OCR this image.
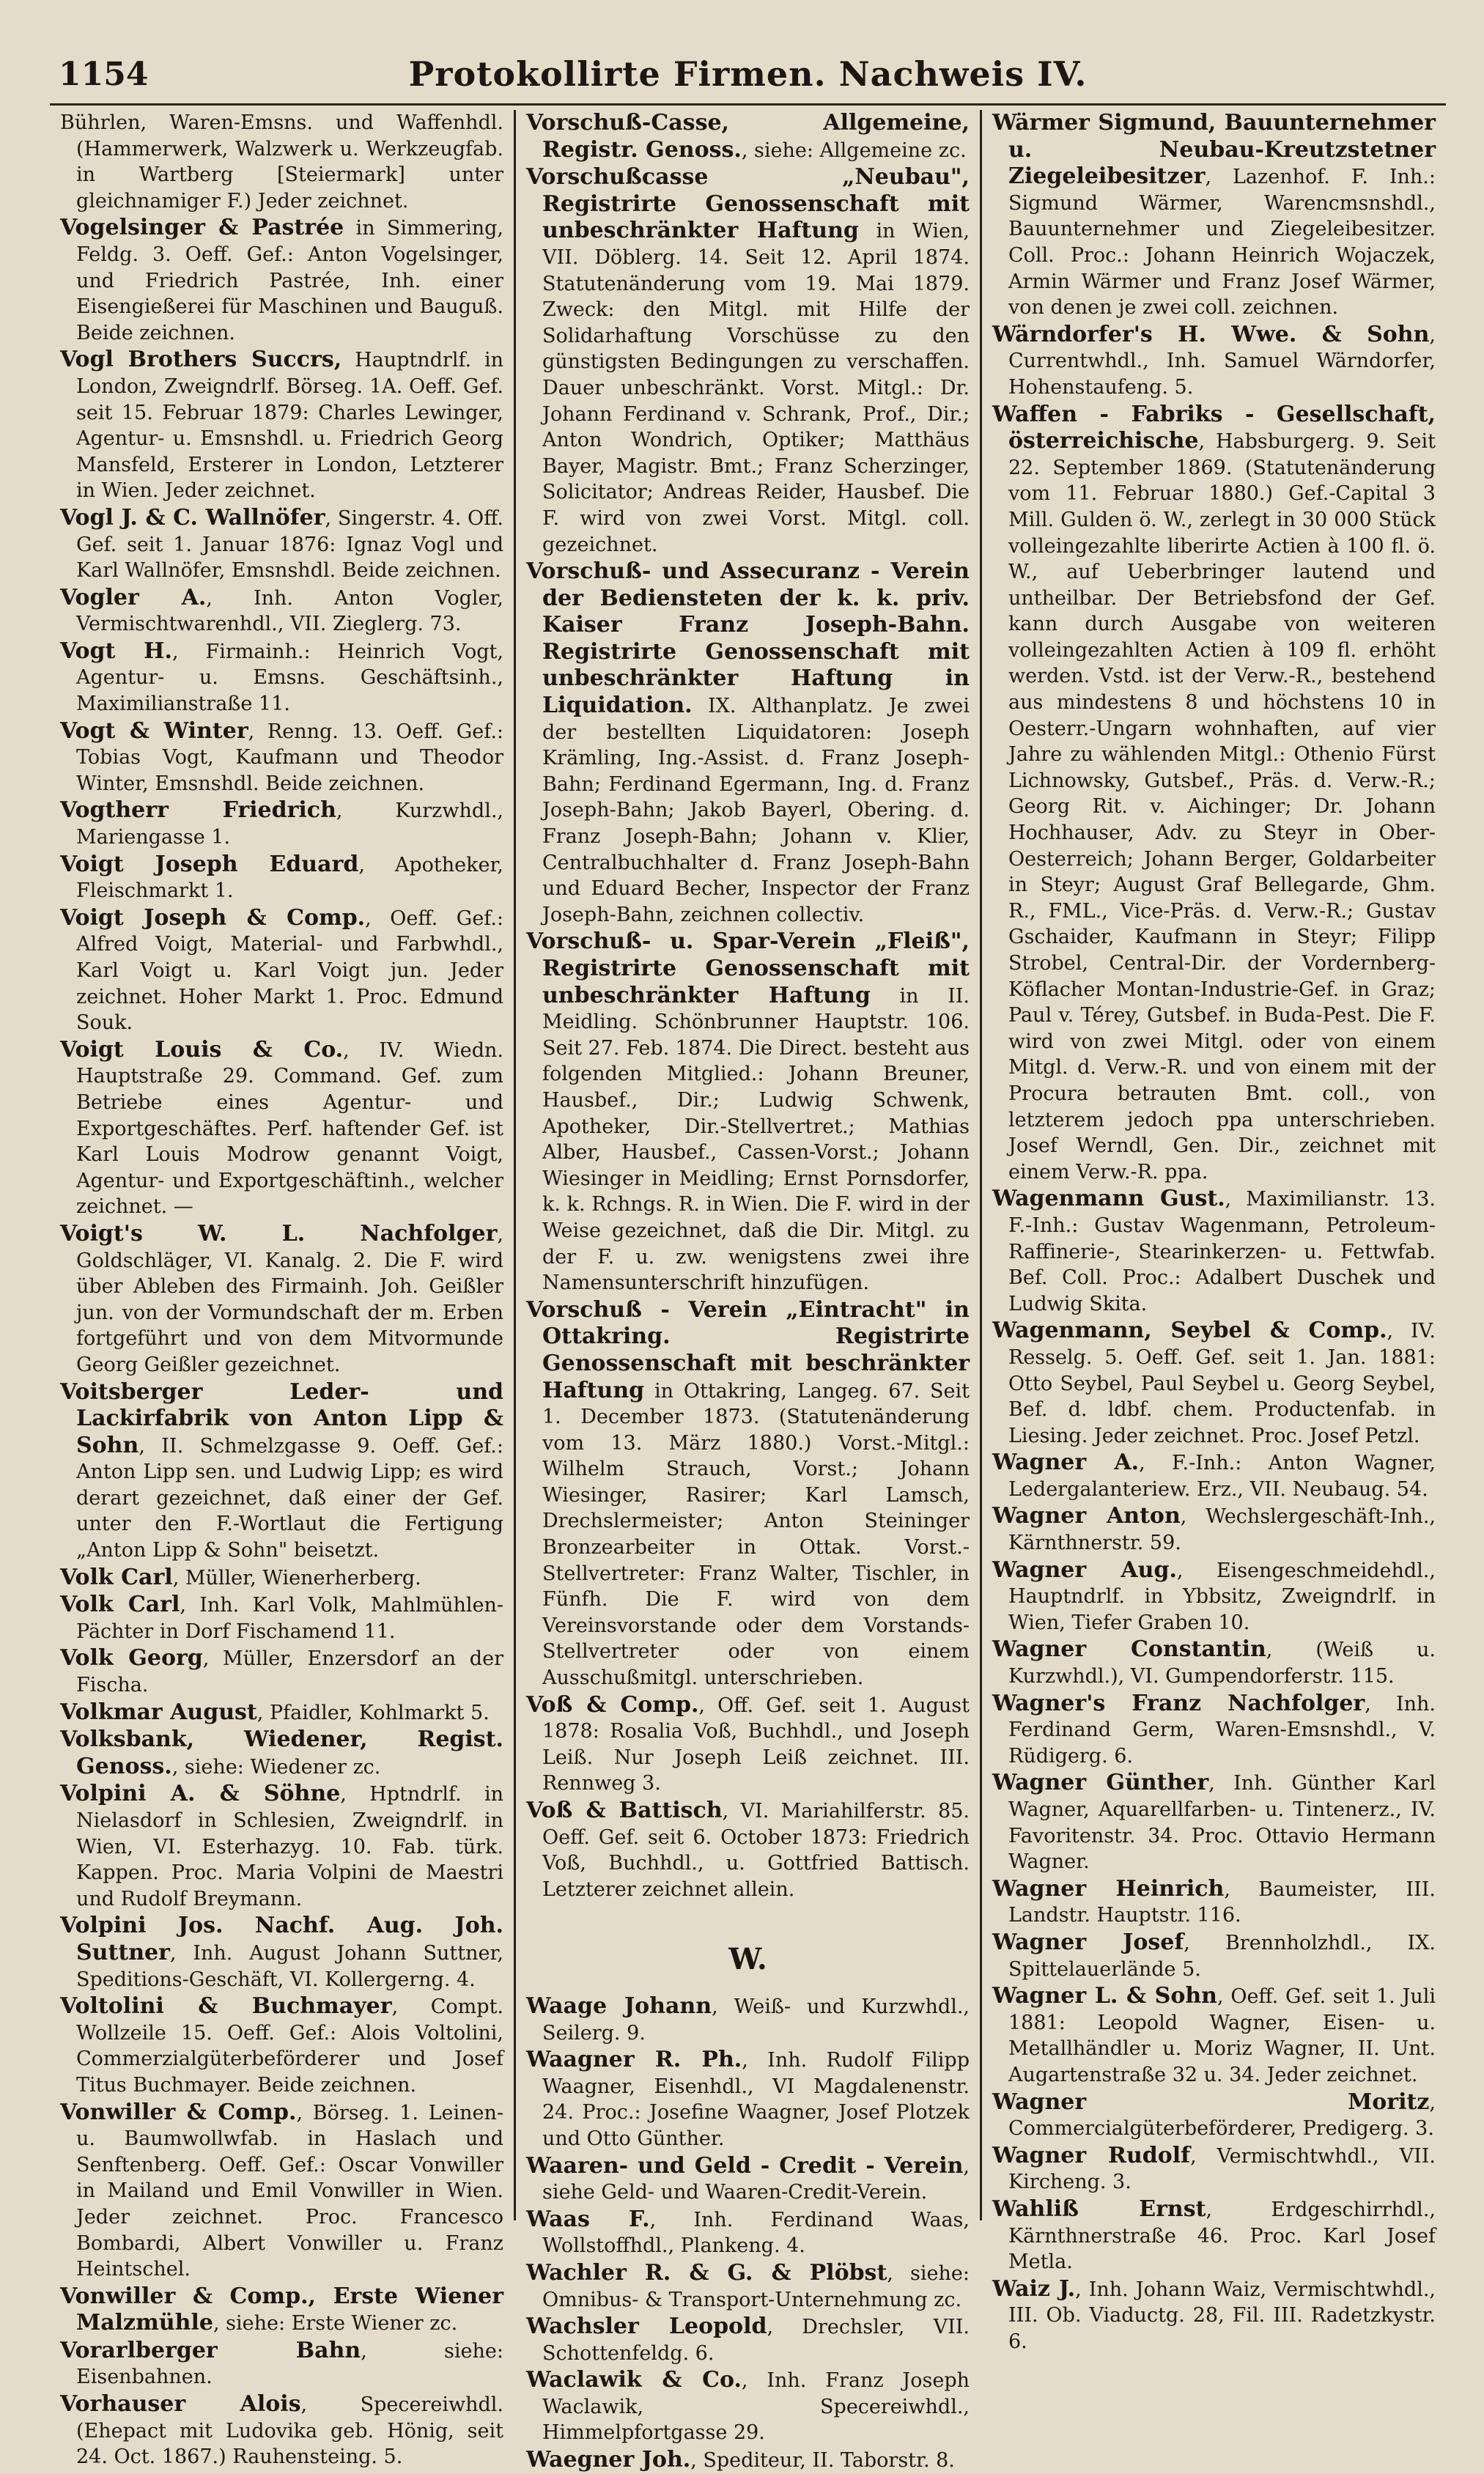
1154	Protokollirte Firmen. Nachweis IV.

Bührlen, Waren-Emsns. und Waffenhdl. (Hammerwerk, Walzwerk u. Werkzeugfab. in Wartberg [Steiermark] unter gleichnamiger F.) Jeder zeichnet.

Vogelsinger & Pastrée in Simmering, Feldg. 3. Oeff. Gef.: Anton Vogelsinger, und Friedrich Pastrée, Inh. einer Eisengießerei für Maschinen und Bauguß. Beide zeichnen.

Vogl Brothers Succrs, Hauptndrlf. in London, Zweigndrlf. Börseg. 1A. Oeff. Gef. seit 15. Februar 1879: Charles Lewinger, Agentur- u. Emsnshdl. u. Friedrich Georg Mansfeld, Ersterer in London, Letzterer in Wien. Jeder zeichnet.

Vogl J. & C. Wallnöfer, Singerstr. 4. Off. Gef. seit 1. Januar 1876: Ignaz Vogl und Karl Wallnöfer, Emsnshdl. Beide zeichnen.

Vogler A., Inh. Anton Vogler, Vermischtwarenhdl., VII. Zieglerg. 73.

Vogt H., Firmainh.: Heinrich Vogt, Agentur- u. Emsns. Geschäftsinh., Maximilianstraße 11.

Vogt & Winter, Renng. 13. Oeff. Gef.: Tobias Vogt, Kaufmann und Theodor Winter, Emsnshdl. Beide zeichnen.

Vogtherr Friedrich, Kurzwhdl., Mariengasse 1.

Voigt Joseph Eduard, Apotheker, Fleischmarkt 1.

Voigt Joseph & Comp., Oeff. Gef.: Alfred Voigt, Material- und Farbwhdl., Karl Voigt u. Karl Voigt jun. Jeder zeichnet. Hoher Markt 1. Proc. Edmund Souk.

Voigt Louis & Co., IV. Wiedn. Hauptstraße 29. Command. Gef. zum Betriebe eines Agentur- und Exportgeschäftes. Perf. haftender Gef. ist Karl Louis Modrow genannt Voigt, Agentur- und Exportgeschäftinh., welcher zeichnet. —

Voigt's W. L. Nachfolger, Goldschläger, VI. Kanalg. 2. Die F. wird über Ableben des Firmainh. Joh. Geißler jun. von der Vormundschaft der m. Erben fortgeführt und von dem Mitvormunde Georg Geißler gezeichnet.

Voitsberger Leder- und Lackirfabrik von Anton Lipp & Sohn, II. Schmelzgasse 9. Oeff. Gef.: Anton Lipp sen. und Ludwig Lipp; es wird derart gezeichnet, daß einer der Gef. unter den F.-Wortlaut die Fertigung „Anton Lipp & Sohn" beisetzt.

Volk Carl, Müller, Wienerherberg.

Volk Carl, Inh. Karl Volk, Mahlmühlen-Pächter in Dorf Fischamend 11.

Volk Georg, Müller, Enzersdorf an der Fischa.

Volkmar August, Pfaidler, Kohlmarkt 5.

Volksbank, Wiedener, Regist. Genoss., siehe: Wiedener zc.

Volpini A. & Söhne, Hptndrlf. in Nielasdorf in Schlesien, Zweigndrlf. in Wien, VI. Esterhazyg. 10. Fab. türk. Kappen. Proc. Maria Volpini de Maestri und Rudolf Breymann.

Volpini Jos. Nachf. Aug. Joh. Suttner, Inh. August Johann Suttner, Speditions-Geschäft, VI. Kollergerng. 4.

Voltolini & Buchmayer, Compt. Wollzeile 15. Oeff. Gef.: Alois Voltolini, Commerzialgüterbeförderer und Josef Titus Buchmayer. Beide zeichnen.

Vonwiller & Comp., Börseg. 1. Leinen- u. Baumwollwfab. in Haslach und Senftenberg. Oeff. Gef.: Oscar Vonwiller in Mailand und Emil Vonwiller in Wien. Jeder zeichnet. Proc. Francesco Bombardi, Albert Vonwiller u. Franz Heintschel.

Vonwiller & Comp., Erste Wiener Malzmühle, siehe: Erste Wiener zc.

Vorarlberger Bahn, siehe: Eisenbahnen.

Vorhauser Alois, Specereiwhdl. (Ehepact mit Ludovika geb. Hönig, seit 24. Oct. 1867.) Rauhensteing. 5.

Vorschuß-Casse, Allgemeine, Registr. Genoss., siehe: Allgemeine zc.

Vorschußcasse „Neubau", Registrirte Genossenschaft mit unbeschränkter Haftung in Wien, VII. Döblerg. 14. Seit 12. April 1874. Statutenänderung vom 19. Mai 1879. Zweck: den Mitgl. mit Hilfe der Solidarhaftung Vorschüsse zu den günstigsten Bedingungen zu verschaffen. Dauer unbeschränkt. Vorst. Mitgl.: Dr. Johann Ferdinand v. Schrank, Prof., Dir.; Anton Wondrich, Optiker; Matthäus Bayer, Magistr. Bmt.; Franz Scherzinger, Solicitator; Andreas Reider, Hausbef. Die F. wird von zwei Vorst. Mitgl. coll. gezeichnet.

Vorschuß- und Assecuranz - Verein der Bediensteten der k. k. priv. Kaiser Franz Joseph-Bahn. Registrirte Genossenschaft mit unbeschränkter Haftung in Liquidation. IX. Althanplatz. Je zwei der bestellten Liquidatoren: Joseph Krämling, Ing.-Assist. d. Franz Joseph-Bahn; Ferdinand Egermann, Ing. d. Franz Joseph-Bahn; Jakob Bayerl, Obering. d. Franz Joseph-Bahn; Johann v. Klier, Centralbuchhalter d. Franz Joseph-Bahn und Eduard Becher, Inspector der Franz Joseph-Bahn, zeichnen collectiv.

Vorschuß- u. Spar-Verein „Fleiß", Registrirte Genossenschaft mit unbeschränkter Haftung in II. Meidling. Schönbrunner Hauptstr. 106. Seit 27. Feb. 1874. Die Direct. besteht aus folgenden Mitglied.: Johann Breuner, Hausbef., Dir.; Ludwig Schwenk, Apotheker, Dir.-Stellvertret.; Mathias Alber, Hausbef., Cassen-Vorst.; Johann Wiesinger in Meidling; Ernst Pornsdorfer, k. k. Rchngs. R. in Wien. Die F. wird in der Weise gezeichnet, daß die Dir. Mitgl. zu der F. u. zw. wenigstens zwei ihre Namensunterschrift hinzufügen.

Vorschuß - Verein „Eintracht" in Ottakring. Registrirte Genossenschaft mit beschränkter Haftung in Ottakring, Langeg. 67. Seit 1. December 1873. (Statutenänderung vom 13. März 1880.) Vorst.-Mitgl.: Wilhelm Strauch, Vorst.; Johann Wiesinger, Rasirer; Karl Lamsch, Drechslermeister; Anton Steininger Bronzearbeiter in Ottak. Vorst.-Stellvertreter: Franz Walter, Tischler, in Fünfh. Die F. wird von dem Vereinsvorstande oder dem Vorstands-Stellvertreter oder von einem Ausschußmitgl. unterschrieben.

Voß & Comp., Off. Gef. seit 1. August 1878: Rosalia Voß, Buchhdl., und Joseph Leiß. Nur Joseph Leiß zeichnet. III. Rennweg 3.

Voß & Battisch, VI. Mariahilferstr. 85. Oeff. Gef. seit 6. October 1873: Friedrich Voß, Buchhdl., u. Gottfried Battisch. Letzterer zeichnet allein.

W.

Waage Johann, Weiß- und Kurzwhdl., Seilerg. 9.

Waagner R. Ph., Inh. Rudolf Filipp Waagner, Eisenhdl., VI Magdalenenstr. 24. Proc.: Josefine Waagner, Josef Plotzek und Otto Günther.

Waaren- und Geld - Credit - Verein, siehe Geld- und Waaren-Credit-Verein.

Waas F., Inh. Ferdinand Waas, Wollstoffhdl., Plankeng. 4.

Wachler R. & G. & Plöbst, siehe: Omnibus- & Transport-Unternehmung zc.

Wachsler Leopold, Drechsler, VII. Schottenfeldg. 6.

Waclawik & Co., Inh. Franz Joseph Waclawik, Specereiwhdl., Himmelpfortgasse 29.

Waegner Joh., Spediteur, II. Taborstr. 8.

Wärmer Sigmund, Bauunternehmer u. Neubau-Kreutzstetner Ziegeleibesitzer, Lazenhof. F. Inh.: Sigmund Wärmer, Warencmsnshdl., Bauunternehmer und Ziegeleibesitzer. Coll. Proc.: Johann Heinrich Wojaczek, Armin Wärmer und Franz Josef Wärmer, von denen je zwei coll. zeichnen.

Wärndorfer's H. Wwe. & Sohn, Currentwhdl., Inh. Samuel Wärndorfer, Hohenstaufeng. 5.

Waffen - Fabriks - Gesellschaft, österreichische, Habsburgerg. 9. Seit 22. September 1869. (Statutenänderung vom 11. Februar 1880.) Gef.-Capital 3 Mill. Gulden ö. W., zerlegt in 30 000 Stück volleingezahlte liberirte Actien à 100 fl. ö. W., auf Ueberbringer lautend und untheilbar. Der Betriebsfond der Gef. kann durch Ausgabe von weiteren volleingezahlten Actien à 109 fl. erhöht werden. Vstd. ist der Verw.-R., bestehend aus mindestens 8 und höchstens 10 in Oesterr.-Ungarn wohnhaften, auf vier Jahre zu wählenden Mitgl.: Othenio Fürst Lichnowsky, Gutsbef., Präs. d. Verw.-R.; Georg Rit. v. Aichinger; Dr. Johann Hochhauser, Adv. zu Steyr in Ober-Oesterreich; Johann Berger, Goldarbeiter in Steyr; August Graf Bellegarde, Ghm. R., FML., Vice-Präs. d. Verw.-R.; Gustav Gschaider, Kaufmann in Steyr; Filipp Strobel, Central-Dir. der Vordernberg-Köflacher Montan-Industrie-Gef. in Graz; Paul v. Térey, Gutsbef. in Buda-Pest. Die F. wird von zwei Mitgl. oder von einem Mitgl. d. Verw.-R. und von einem mit der Procura betrauten Bmt. coll., von letzterem jedoch ppa unterschrieben. Josef Werndl, Gen. Dir., zeichnet mit einem Verw.-R. ppa.

Wagenmann Gust., Maximilianstr. 13. F.-Inh.: Gustav Wagenmann, Petroleum-Raffinerie-, Stearinkerzen- u. Fettwfab. Bef. Coll. Proc.: Adalbert Duschek und Ludwig Skita.

Wagenmann, Seybel & Comp., IV. Resselg. 5. Oeff. Gef. seit 1. Jan. 1881: Otto Seybel, Paul Seybel u. Georg Seybel, Bef. d. ldbf. chem. Productenfab. in Liesing. Jeder zeichnet. Proc. Josef Petzl.

Wagner A., F.-Inh.: Anton Wagner, Ledergalanteriew. Erz., VII. Neubaug. 54.

Wagner Anton, Wechslergeschäft-Inh., Kärnthnerstr. 59.

Wagner Aug., Eisengeschmeidehdl., Hauptndrlf. in Ybbsitz, Zweigndrlf. in Wien, Tiefer Graben 10.

Wagner Constantin, (Weiß u. Kurzwhdl.), VI. Gumpendorferstr. 115.

Wagner's Franz Nachfolger, Inh. Ferdinand Germ, Waren-Emsnshdl., V. Rüdigerg. 6.

Wagner Günther, Inh. Günther Karl Wagner, Aquarellfarben- u. Tintenerz., IV. Favoritenstr. 34. Proc. Ottavio Hermann Wagner.

Wagner Heinrich, Baumeister, III. Landstr. Hauptstr. 116.

Wagner Josef, Brennholzhdl., IX. Spittelauerlände 5.

Wagner L. & Sohn, Oeff. Gef. seit 1. Juli 1881: Leopold Wagner, Eisen- u. Metallhändler u. Moriz Wagner, II. Unt. Augartenstraße 32 u. 34. Jeder zeichnet.

Wagner Moritz, Commercialgüterbeförderer, Predigerg. 3.

Wagner Rudolf, Vermischtwhdl., VII. Kircheng. 3.

Wahliß Ernst, Erdgeschirrhdl., Kärnthnerstraße 46. Proc. Karl Josef Metla.

Waiz J., Inh. Johann Waiz, Vermischtwhdl., III. Ob. Viaductg. 28, Fil. III. Radetzkystr. 6.
